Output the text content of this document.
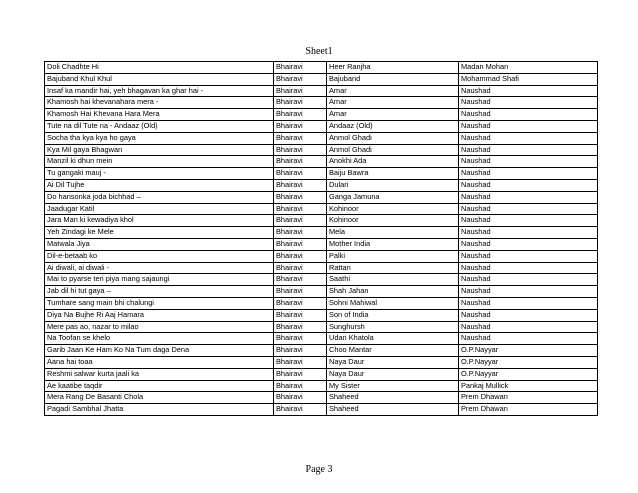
Sheet1
Doli Chadhte Hi	Bhairavi	Heer Ranjha	Madan Mohan
Bajuband Khul Khul	Bhairavi	Bajuband	Mohammad Shafi
Insaf ka mandir hai, yeh bhagavan ka ghar hai -	Bhairavi	Amar	Naushad
Khamosh hai khevanahara mera -	Bhairavi	Amar	Naushad
Khamosh Hai Khevana Hara Mera	Bhairavi	Amar	Naushad
Tute na dil Tute na - Andaaz (Old)	Bhairavi	Andaaz (Old)	Naushad
Socha tha kya kya ho gaya	Bhairavi	Anmol Ghadi	Naushad
Kya Mil gaya Bhagwan	Bhairavi	Anmol Ghadi	Naushad
Manzil ki dhun mein	Bhairavi	Anokhi Ada	Naushad
Tu gangaki mauj -	Bhairavi	Baiju Bawra	Naushad
Ai Dil Tujhe	Bhairavi	Dulari	Naushad
Do hansonka joda bichhad –	Bhairavi	Ganga Jamuna	Naushad
Jaadugar Katil	Bhairavi	Kohinoor	Naushad
Jara Man ki kewadiya khol	Bhairavi	Kohinoor	Naushad
Yeh Zindagi ke Mele	Bhairavi	Mela	Naushad
Matwala Jiya	Bhairavi	Mother India	Naushad
Dil-e-betaab ko	Bhairavi	Palki	Naushad
Ai diwali, ai diwali -	Bhairavi	Rattan	Naushad
Mai to pyarse teri piya mang sajaungi	Bhairavi	Saathi	Naushad
Jab dil hi tut gaya –	Bhairavi	Shah Jahan	Naushad
Tumhare sang main bhi chalungi	Bhairavi	Sohni Mahiwal	Naushad
Diya Na Bujhe Ri Aaj Hamara	Bhairavi	Son of India	Naushad
Mere pas ao, nazar to milao	Bhairavi	Sunghursh	Naushad
Na Toofan se khelo	Bhairavi	Udan Khatola	Naushad
Garib Jaan Ke Ham Ko Na Tum daga Dena	Bhairavi	Choo Mantar	O.P.Nayyar
Aana hai toaa	Bhairavi	Naya Daur	O.P.Nayyar
Reshmi salwar kurta jaali ka	Bhairavi	Naya Daur	O.P.Nayyar
Ae kaatibe taqdir	Bhairavi	My Sister	Pankaj Mullick
Mera Rang De Basanti Chola	Bhairavi	Shaheed	Prem Dhawan
Pagadi Sambhal Jhatta	Bhairavi	Shaheed	Prem Dhawan
Page 3
